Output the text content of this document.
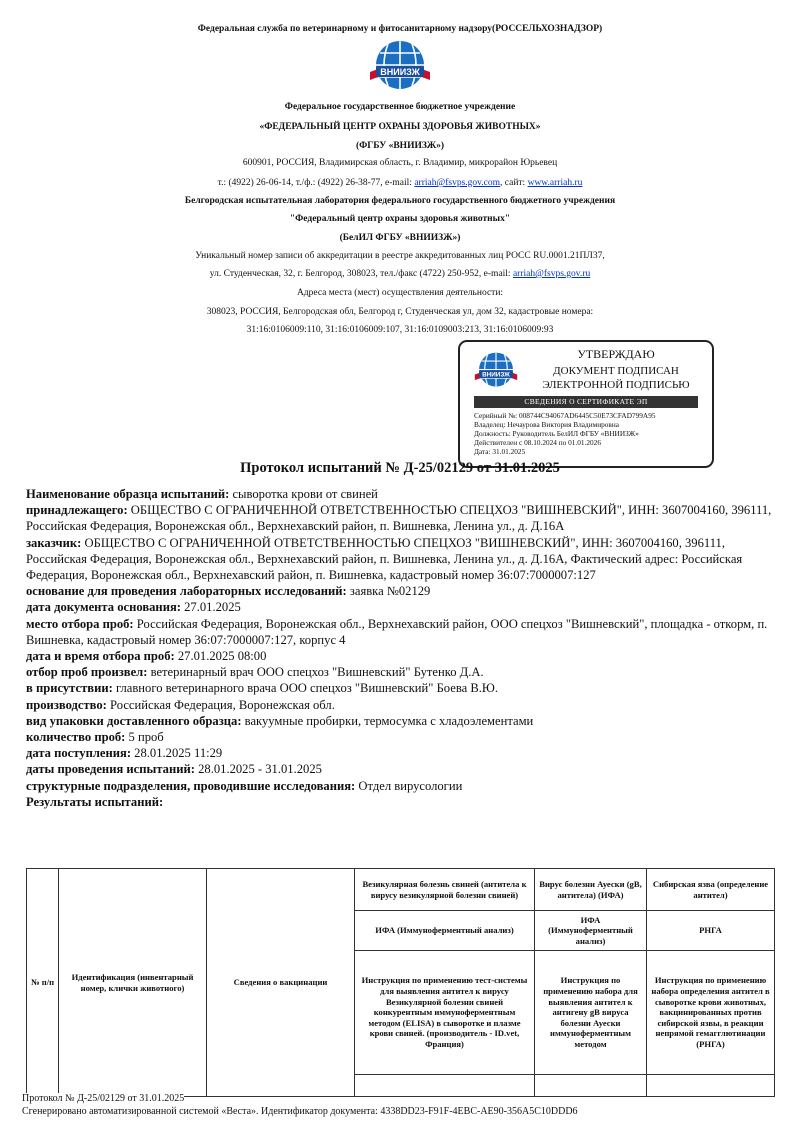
Федеральная служба по ветеринарному и фитосанитарному надзору(РОССЕЛЬХОЗНАДЗОР)
ВНИИЗЖ
Федеральное государственное бюджетное учреждение
«ФЕДЕРАЛЬНЫЙ ЦЕНТР ОХРАНЫ ЗДОРОВЬЯ ЖИВОТНЫХ»
(ФГБУ «ВНИИЗЖ»)
600901, РОССИЯ, Владимирская область, г. Владимир, микрорайон Юрьевец
т.: (4922) 26-06-14, т./ф.: (4922) 26-38-77, e-mail: arriah@fsvps.gov.com, сайт: www.arriah.ru
Белгородская испытательная лаборатория федерального государственного бюджетного учреждения
"Федеральный центр охраны здоровья животных"
(БелИЛ ФГБУ «ВНИИЗЖ»)
Уникальный номер записи об аккредитации в реестре аккредитованных лиц РОСС RU.0001.21ПЛ37,
ул. Студенческая, 32, г. Белгород, 308023, тел./факс (4722) 250-952, e-mail: arriah@fsvps.gov.ru
Адреса места (мест) осуществления деятельности:
308023, РОССИЯ, Белгородская обл, Белгород г, Студенческая ул, дом 32, кадастровые номера:
31:16:0106009:110, 31:16:0106009:107, 31:16:0109003:213, 31:16:0106009:93
ВНИИЗЖ
УТВЕРЖДАЮ
ДОКУМЕНТ ПОДПИСАН
ЭЛЕКТРОННОЙ ПОДПИСЬЮ
СВЕДЕНИЯ О СЕРТИФИКАТЕ ЭП
Серийный №: 008744C94067AD6445C50E73CFAD799A95
Владелец: Нечаурова Виктория Владимировна
Должность: Руководитель БелИЛ ФГБУ «ВНИИЗЖ»
Действителен с 08.10.2024 по 01.01.2026
Дата: 31.01.2025
Протокол испытаний № Д-25/02129 от 31.01.2025

Наименование образца испытаний: сыворотка крови от свиней

принадлежащего: ОБЩЕСТВО С ОГРАНИЧЕННОЙ ОТВЕТСТВЕННОСТЬЮ СПЕЦХОЗ "ВИШНЕВСКИЙ", ИНН: 3607004160, 396111, Российская Федерация, Воронежская обл., Верхнехавский район, п. Вишневка, Ленина ул., д. Д.16А

заказчик: ОБЩЕСТВО С ОГРАНИЧЕННОЙ ОТВЕТСТВЕННОСТЬЮ СПЕЦХОЗ "ВИШНЕВСКИЙ", ИНН: 3607004160, 396111, Российская Федерация, Воронежская обл., Верхнехавский район, п. Вишневка, Ленина ул., д. Д.16А, Фактический адрес: Российская Федерация, Воронежская обл., Верхнехавский район, п. Вишневка, кадастровый номер 36:07:7000007:127

основание для проведения лабораторных исследований: заявка №02129

дата документа основания: 27.01.2025

место отбора проб: Российская Федерация, Воронежская обл., Верхнехавский район, ООО спецхоз "Вишневский", площадка - откорм, п. Вишневка, кадастровый номер 36:07:7000007:127, корпус 4

дата и время отбора проб: 27.01.2025 08:00

отбор проб произвел: ветеринарный врач ООО спецхоз "Вишневский" Бутенко Д.А.

в присутствии: главного ветеринарного врача ООО спецхоз "Вишневский" Боева В.Ю.

производство: Российская Федерация, Воронежская обл.

вид упаковки доставленного образца: вакуумные пробирки, термосумка с хладоэлементами

количество проб: 5 проб

дата поступления: 28.01.2025 11:29

даты проведения испытаний: 28.01.2025 - 31.01.2025

структурные подразделения, проводившие исследования: Отдел вирусологии

Результаты испытаний:

№ п/п	Идентификация (инвентарный номер, клички животного)	Сведения о вакцинации	Везикулярная болезнь свиней (антитела к вирусу везикулярной болезни свиней)	Вирус болезни Ауески (gB, антитела) (ИФА)	Сибирская язва (определение антител)
			ИФА (Иммуноферментный анализ)	ИФА (Иммуноферментный анализ)	РНГА
			Инструкция по применению тест-системы для выявления антител к вирусу Везикулярной болезни свиней конкурентным иммуноферментным методом (ELISA) в сыворотке и плазме крови свиней. (производитель - ID.vet, Франция)	Инструкция по применению набора для выявления антител к антигену gB вируса болезни Ауески иммуноферментным методом	Инструкция по применению набора определения антител в сыворотке крови животных, вакцинированных против сибирской язвы, в реакции непрямой гемагглютинации (РНГА)

Протокол № Д-25/02129 от 31.01.2025
Сгенерировано автоматизированной системой «Веста». Идентификатор документа: 4338DD23-F91F-4EBC-AE90-356A5C10DDD6
